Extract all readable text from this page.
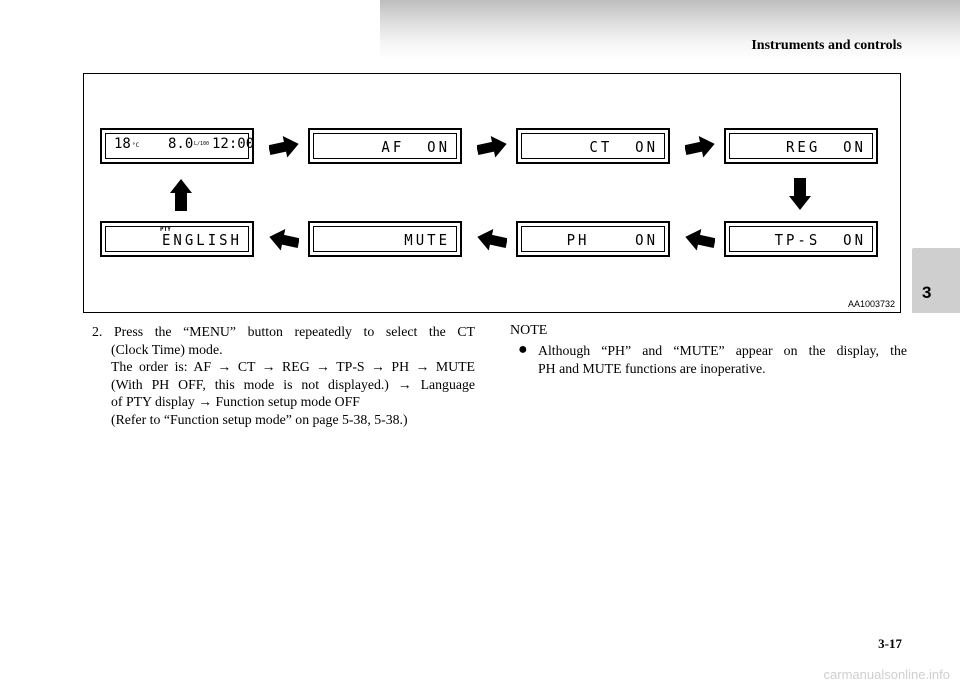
Instruments and controls
3
18 °C 8.0 L/100 12:00	AF  ON	CT  ON	REG  ON
PTY
ENGLISH	MUTE	PH    ON	TP-S  ON
AA1003732

2. Press the “MENU” button repeatedly to select the CT

(Clock Time) mode.

The order is: AF → CT → REG → TP-S → PH → MUTE

(With PH OFF, this mode is not displayed.) → Language

of PTY display → Function setup mode OFF

(Refer to “Function setup mode” on page 5-38, 5-38.)

NOTE
● Although “PH” and “MUTE” appear on the display, the

PH and MUTE functions are inoperative.

3-17
carmanualsonline.info
